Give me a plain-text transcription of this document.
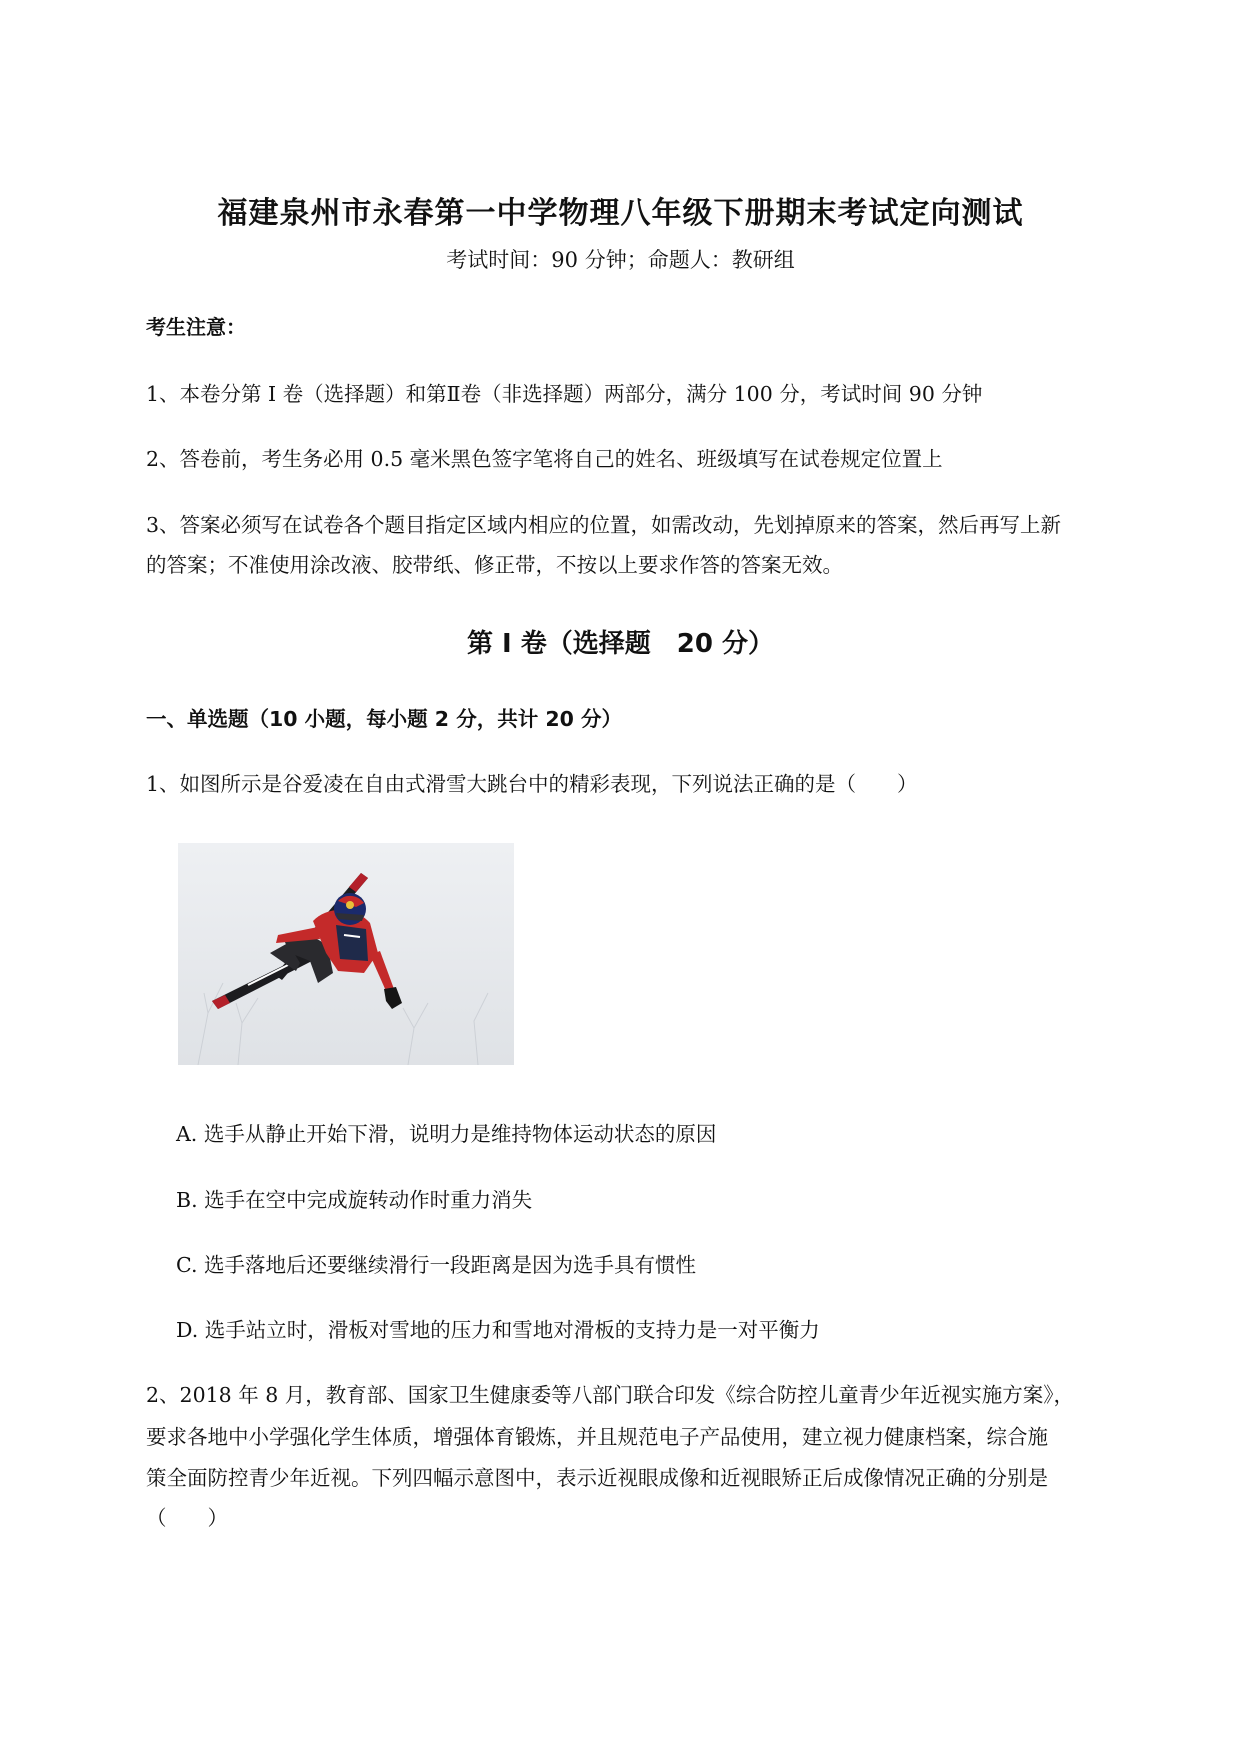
福建泉州市永春第一中学物理八年级下册期末考试定向测试
考试时间：90 分钟；命题人：教研组
考生注意：
1、本卷分第 I 卷（选择题）和第Ⅱ卷（非选择题）两部分，满分 100 分，考试时间 90 分钟
2、答卷前，考生务必用 0.5 毫米黑色签字笔将自己的姓名、班级填写在试卷规定位置上
3、答案必须写在试卷各个题目指定区域内相应的位置，如需改动，先划掉原来的答案，然后再写上新
的答案；不准使用涂改液、胶带纸、修正带，不按以上要求作答的答案无效。
第 I 卷（选择题　20 分）
一、单选题（10 小题，每小题 2 分，共计 20 分）
1、如图所示是谷爱凌在自由式滑雪大跳台中的精彩表现，下列说法正确的是（　　）
A. 选手从静止开始下滑，说明力是维持物体运动状态的原因
B. 选手在空中完成旋转动作时重力消失
C. 选手落地后还要继续滑行一段距离是因为选手具有惯性
D. 选手站立时，滑板对雪地的压力和雪地对滑板的支持力是一对平衡力
2、2018 年 8 月，教育部、国家卫生健康委等八部门联合印发《综合防控儿童青少年近视实施方案》，
要求各地中小学强化学生体质，增强体育锻炼，并且规范电子产品使用，建立视力健康档案，综合施
策全面防控青少年近视。下列四幅示意图中，表示近视眼成像和近视眼矫正后成像情况正确的分别是
（　　）
